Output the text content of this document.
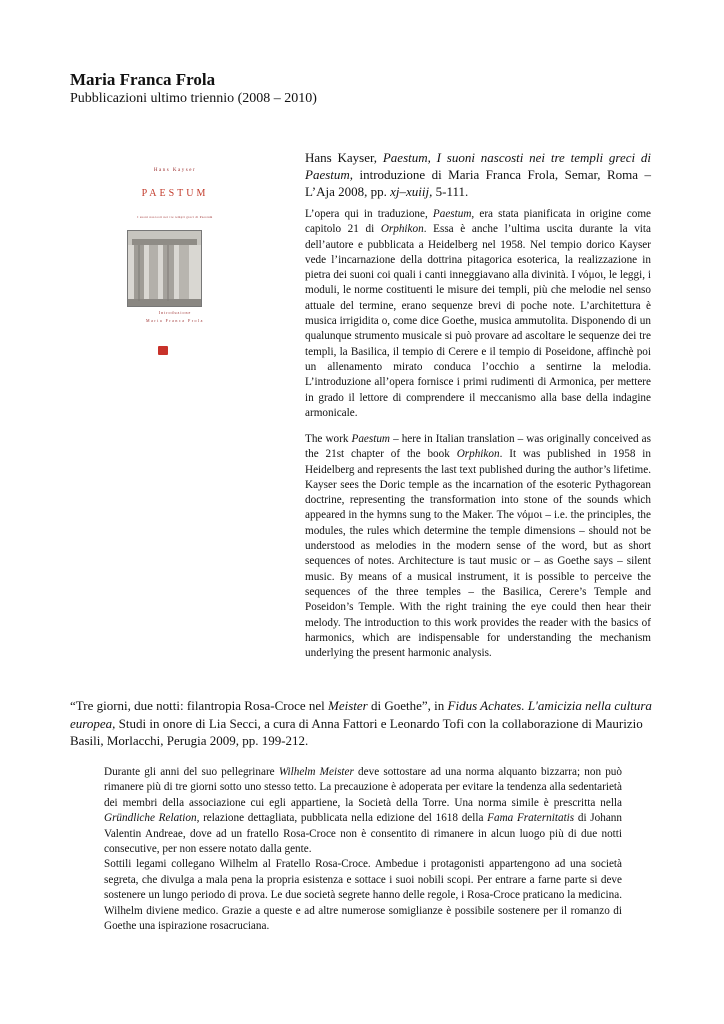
Maria Franca Frola
Pubblicazioni ultimo triennio (2008 – 2010)
Hans Kayser
PAESTUM
I suoni nascosti nei tre templi greci di Paestum
Introduzione
Maria Franca Frola
Hans Kayser, Paestum, I suoni nascosti nei tre templi greci di Paestum, introduzione di Maria Franca Frola, Semar, Roma – L’Aja 2008, pp. xj–xuiij, 5-111.
L’opera qui in traduzione, Paestum, era stata pianificata in origine come capitolo 21 di Orphikon. Essa è anche l’ultima uscita durante la vita dell’autore e pubblicata a Heidelberg nel 1958. Nel tempio dorico Kayser vede l’incarnazione della dottrina pitagorica esoterica, la realizzazione in pietra dei suoni coi quali i canti inneggiavano alla divinità. I νόμοι, le leggi, i moduli, le norme costituenti le misure dei templi, più che melodie nel senso attuale del termine, erano sequenze brevi di poche note. L’architettura è musica irrigidita o, come dice Goethe, musica ammutolita. Disponendo di un qualunque strumento musicale si può provare ad ascoltare le sequenze dei tre templi, la Basilica, il tempio di Cerere e il tempio di Poseidone, affinchè poi un allenamento mirato conduca l’occhio a sentirne la melodia. L’introduzione all’opera fornisce i primi rudimenti di Armonica, per mettere in grado il lettore di comprendere il meccanismo alla base della indagine armonicale.
The work Paestum – here in Italian translation – was originally conceived as the 21st chapter of the book Orphikon. It was published in 1958 in Heidelberg and represents the last text published during the author’s lifetime. Kayser sees the Doric temple as the incarnation of the esoteric Pythagorean doctrine, representing the transformation into stone of the sounds which appeared in the hymns sung to the Maker. The νόμοι – i.e. the principles, the modules, the rules which determine the temple dimensions – should not be understood as melodies in the modern sense of the word, but as short sequences of notes. Architecture is taut music or – as Goethe says – silent music. By means of a musical instrument, it is possible to perceive the sequences of the three temples – the Basilica, Cerere’s Temple and Poseidon’s Temple. With the right training the eye could then hear their melody. The introduction to this work provides the reader with the basics of harmonics, which are indispensable for understanding the mechanism underlying the present harmonic analysis.
“Tre giorni, due notti: filantropia Rosa-Croce nel Meister di Goethe”, in Fidus Achates. L'amicizia nella cultura europea, Studi in onore di Lia Secci, a cura di Anna Fattori e Leonardo Tofi con la collaborazione di Maurizio Basili, Morlacchi, Perugia 2009, pp. 199-212.
Durante gli anni del suo pellegrinare Wilhelm Meister deve sottostare ad una norma alquanto bizzarra; non può rimanere più di tre giorni sotto uno stesso tetto. La precauzione è adoperata per evitare la tendenza alla sedentarietà dei membri della associazione cui egli appartiene, la Società della Torre. Una norma simile è prescritta nella Gründliche Relation, relazione dettagliata, pubblicata nella edizione del 1618 della Fama Fraternitatis di Johann Valentin Andreae, dove ad un fratello Rosa-Croce non è consentito di rimanere in alcun luogo più di due notti consecutive, per non essere notato dalla gente.
Sottili legami collegano Wilhelm al Fratello Rosa-Croce. Ambedue i protagonisti appartengono ad una società segreta, che divulga a mala pena la propria esistenza e sottace i suoi nobili scopi. Per entrare a farne parte si deve sostenere un lungo periodo di prova. Le due società segrete hanno delle regole, i Rosa-Croce praticano la medicina. Wilhelm diviene medico. Grazie a queste e ad altre numerose somiglianze è possibile sostenere per il romanzo di Goethe una ispirazione rosacruciana.
